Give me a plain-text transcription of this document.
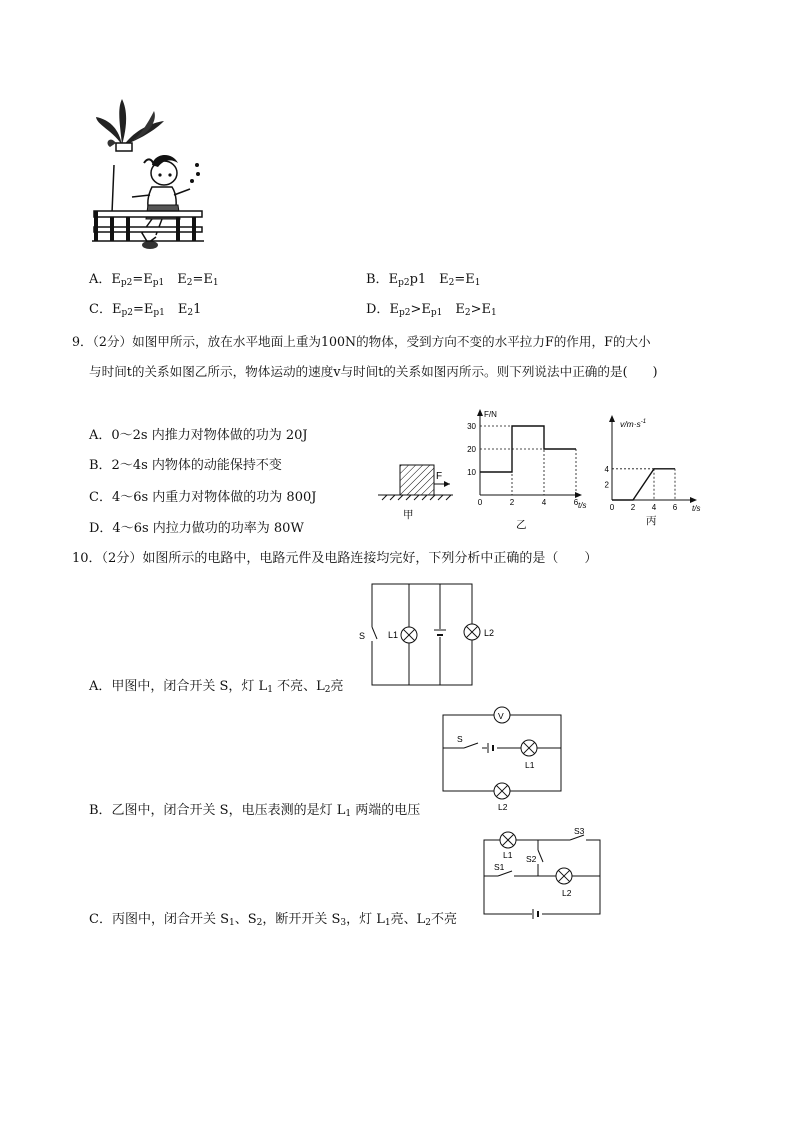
A．$E_{p2}=E_{p1}$　$E_2=E_1$	B．$E_{p2}p1$　$E_2=E_1$
C．$E_{p2}=E_{p1}$　$E_21$	D．$E_{p2}>E_{p1}$　$E_2>E_1$
9．（2分）如图甲所示，放在水平地面上重为100N的物体，受到方向不变的水平拉力F的作用，F的大小
与时间t的关系如图乙所示，物体运动的速度v与时间t的关系如图丙所示。则下列说法中正确的是(　　)
A．0～2s 内推力对物体做的功为 20J
B．2～4s 内物体的动能保持不变
C．4～6s 内重力对物体做的功为 800J
D．4～6s 内拉力做功的功率为 80W
F
甲
F/N
t/s
乙
10
20
30
0	2	4	6
$v/m\cdot s^{-1}$
t/s
丙
2
4
0 2 4 6
10．（2分）如图所示的电路中，电路元件及电路连接均完好，下列分析中正确的是（　　）
S	L1	L2
A．甲图中，闭合开关 S，灯 $L_1$ 不亮、$L_2$亮
V
S
L1
L2
B．乙图中，闭合开关 S，电压表测的是灯 $L_1$ 两端的电压
L1
S3
S2
S1
L2
C．丙图中，闭合开关 $S_1$、$S_2$，断开开关 $S_3$，灯 $L_1$亮、$L_2$不亮
